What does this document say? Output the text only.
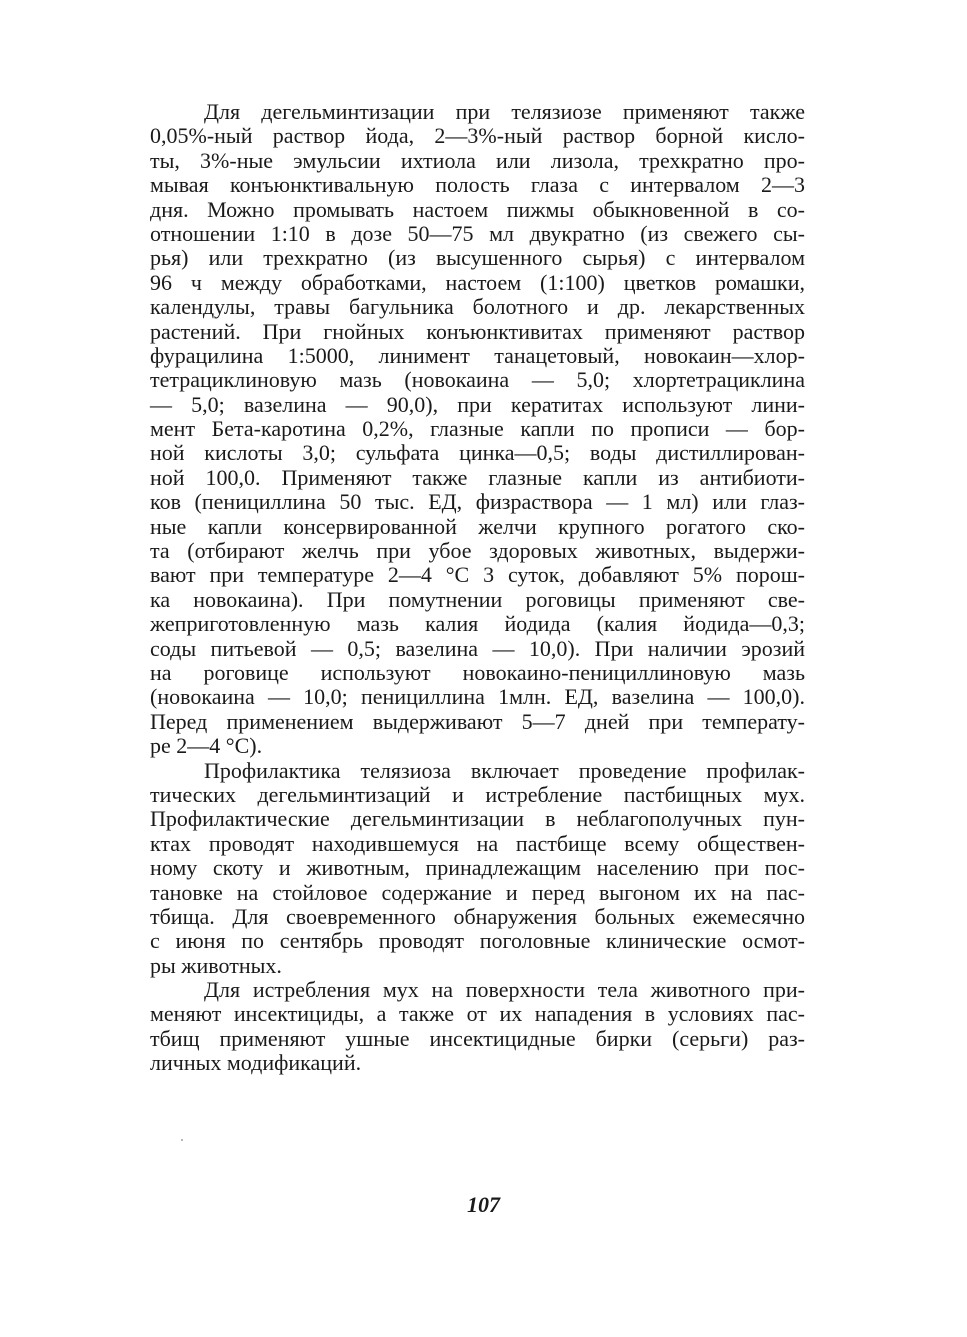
Для дегельминтизации при телязиозе применяют также
0,05%-ный раствор йода, 2—3%-ный раствор борной кисло-
ты, 3%-ные эмульсии ихтиола или лизола, трехкратно про-
мывая конъюнктивальную полость глаза с интервалом 2—3
дня. Можно промывать настоем пижмы обыкновенной в со-
отношении 1:10 в дозе 50—75 мл двукратно (из свежего сы-
рья) или трехкратно (из высушенного сырья) с интервалом
96 ч между обработками, настоем (1:100) цветков ромашки,
календулы, травы багульника болотного и др. лекарственных
растений. При гнойных конъюнктивитах применяют раствор
фурацилина 1:5000, линимент танацетовый, новокаин—хлор-
тетрациклиновую мазь (новокаина — 5,0; хлортетрациклина
— 5,0; вазелина — 90,0), при кератитах используют лини-
мент Бета-каротина 0,2%, глазные капли по прописи — бор-
ной кислоты 3,0; сульфата цинка—0,5; воды дистиллирован-
ной 100,0. Применяют также глазные капли из антибиоти-
ков (пенициллина 50 тыс. ЕД, физраствора — 1 мл) или глаз-
ные капли консервированной желчи крупного рогатого ско-
та (отбирают желчь при убое здоровых животных, выдержи-
вают при температуре 2—4 °С 3 суток, добавляют 5% порош-
ка новокаина). При помутнении роговицы применяют све-
жеприготовленную мазь калия йодида (калия йодида—0,3;
соды питьевой — 0,5; вазелина — 10,0). При наличии эрозий
на роговице используют новокаино-пенициллиновую мазь
(новокаина — 10,0; пенициллина 1млн. ЕД, вазелина — 100,0).
Перед применением выдерживают 5—7 дней при температу-
ре 2—4 °С).
Профилактика телязиоза включает проведение профилак-
тических дегельминтизаций и истребление пастбищных мух.
Профилактические дегельминтизации в неблагополучных пун-
ктах проводят находившемуся на пастбище всему обществен-
ному скоту и животным, принадлежащим населению при пос-
тановке на стойловое содержание и перед выгоном их на пас-
тбища. Для своевременного обнаружения больных ежемесячно
с июня по сентябрь проводят поголовные клинические осмот-
ры животных.
Для истребления мух на поверхности тела животного при-
меняют инсектициды, а также от их нападения в условиях пас-
тбищ применяют ушные инсектицидные бирки (серьги) раз-
личных модификаций.
107
